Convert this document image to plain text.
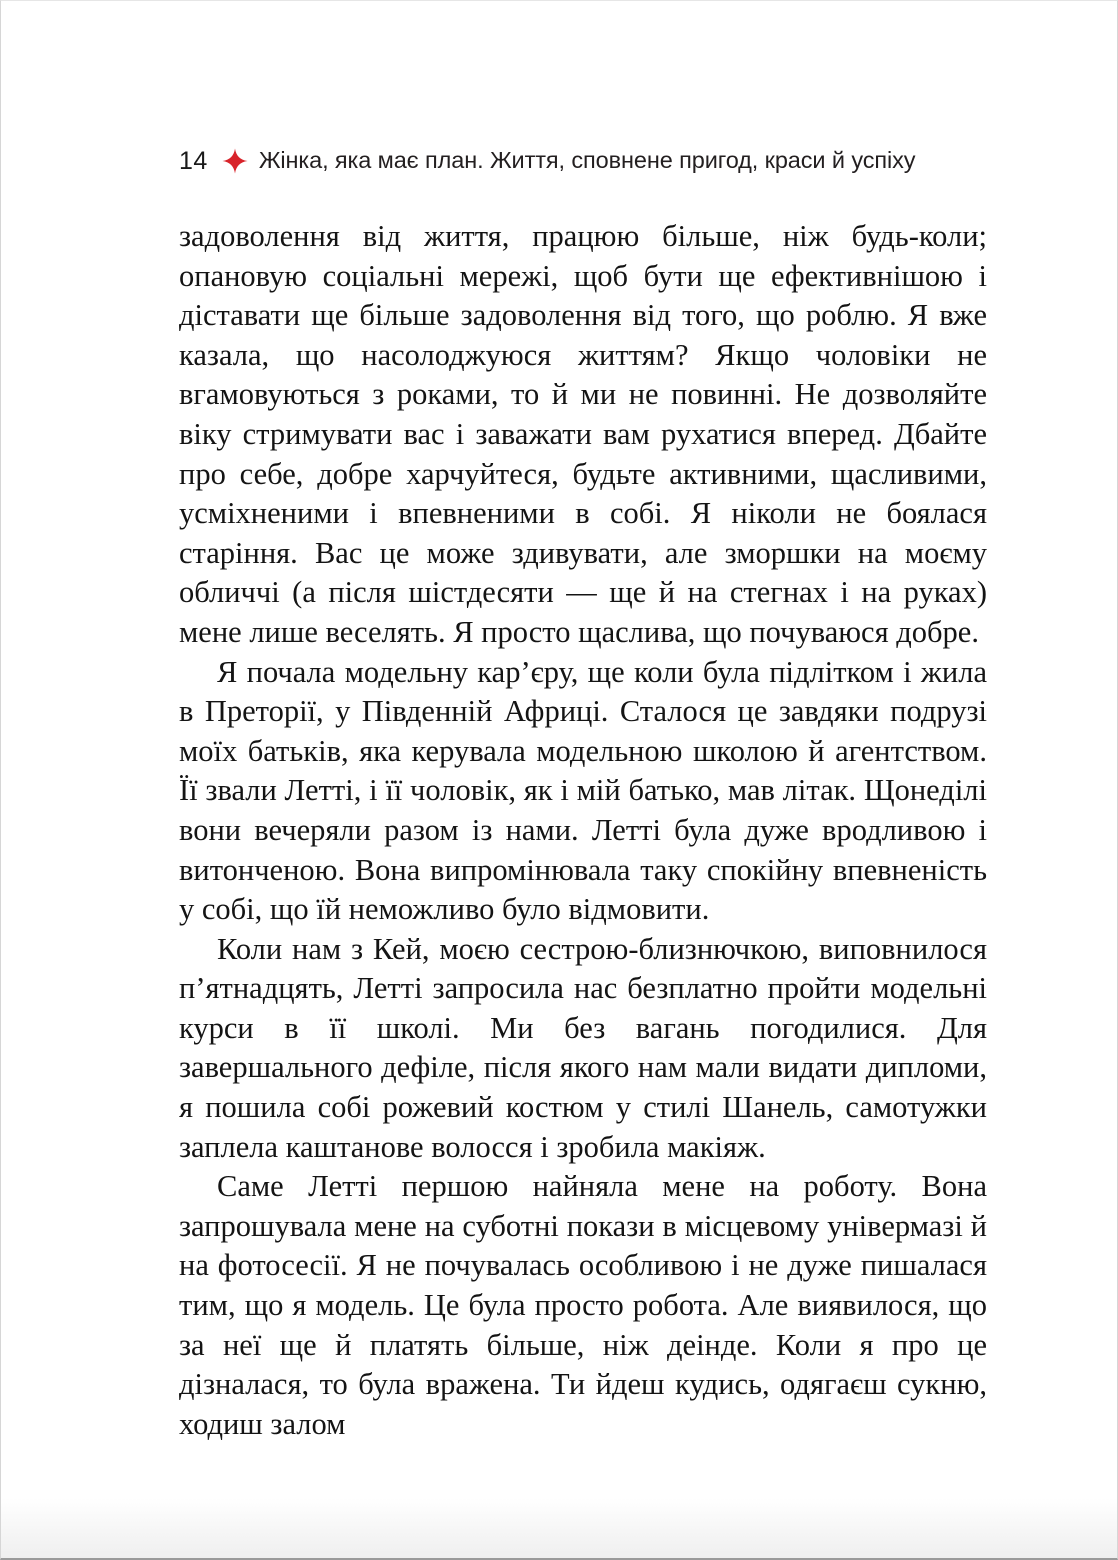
14 Жінка, яка має план. Життя, сповнене пригод, краси й успіху

задоволення від життя, працюю більше, ніж будь-коли; опановую соціальні мережі, щоб бути ще ефективнішою і діставати ще більше задоволення від того, що роблю. Я вже казала, що насолоджуюся життям? Якщо чоловіки не вгамовуються з роками, то й ми не повинні. Не дозволяйте віку стримувати вас і заважати вам рухатися вперед. Дбайте про себе, добре харчуйтеся, будьте активними, щасливими, усміхненими і впевненими в собі. Я ніколи не боялася старіння. Вас це може здивувати, але зморшки на моєму обличчі (а після шістдесяти — ще й на стегнах і на руках) мене лише веселять. Я просто щаслива, що почуваюся добре.

Я почала модельну кар’єру, ще коли була підлітком і жила в Преторії, у Південній Африці. Сталося це завдяки подрузі моїх батьків, яка керувала модельною школою й агентством. Її звали Летті, і її чоловік, як і мій батько, мав літак. Щонеділі вони вечеряли разом із нами. Летті була дуже вродливою і витонченою. Вона випромінювала таку спокійну впевненість у собі, що їй неможливо було відмовити.

Коли нам з Кей, моєю сестрою-близнючкою, виповнилося п’ятнадцять, Летті запросила нас безплатно пройти модельні курси в її школі. Ми без вагань погодилися. Для завершального дефіле, після якого нам мали видати дипломи, я пошила собі рожевий костюм у стилі Шанель, самотужки заплела каштанове волосся і зробила макіяж.

Саме Летті першою найняла мене на роботу. Вона запрошувала мене на суботні покази в місцевому універмазі й на фотосесії. Я не почувалась особливою і не дуже пишалася тим, що я модель. Це була просто робота. Але виявилося, що за неї ще й платять більше, ніж деінде. Коли я про це дізналася, то була вражена. Ти йдеш кудись, одягаєш сукню, ходиш залом
